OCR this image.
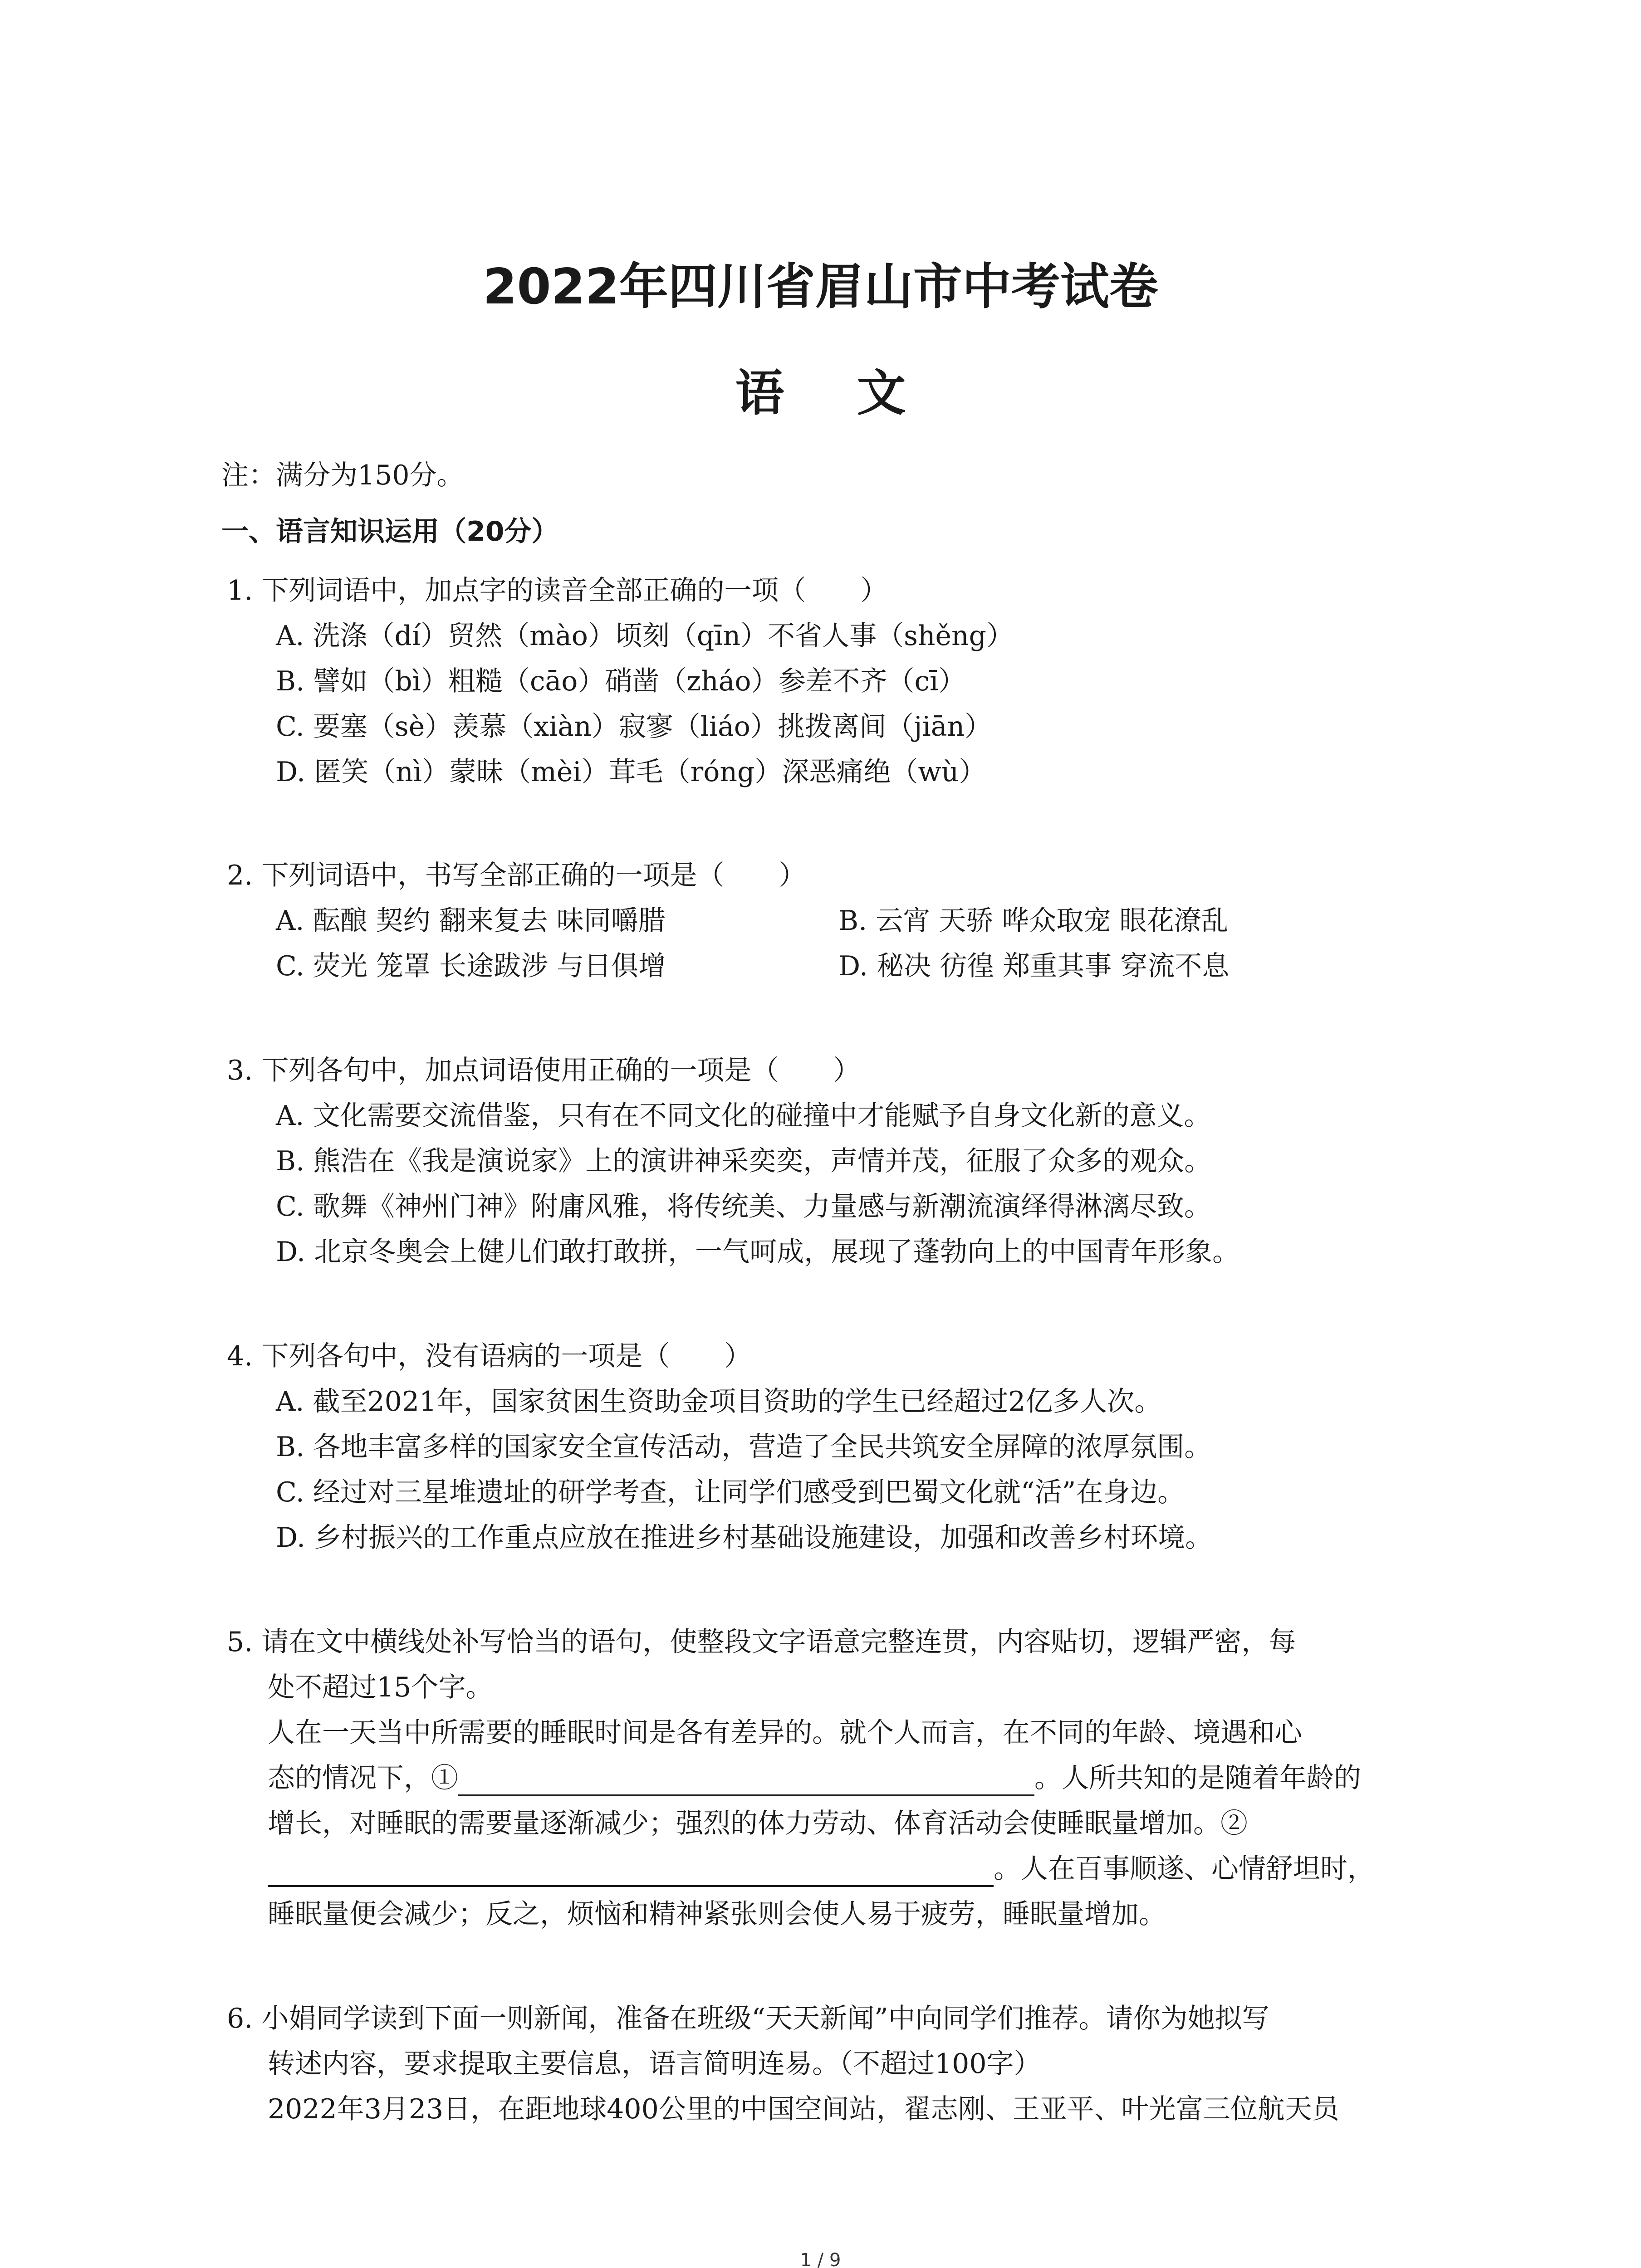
2022年四川省眉山市中考试卷
语文
注：满分为150分。
一、语言知识运用（20分）
1. 下列词语中，加点字的读音全部正确的一项（　　）
A. 洗涤（dí）贸然（mào）顷刻（qīn）不省人事（shěng）
B. 譬如（bì）粗糙（cāo）硝凿（zháo）参差不齐（cī）
C. 要塞（sè）羡慕（xiàn）寂寥（liáo）挑拨离间（jiān）
D. 匿笑（nì）蒙昧（mèi）茸毛（róng）深恶痛绝（wù）
2. 下列词语中，书写全部正确的一项是（　　）
A. 酝酿 契约 翻来复去 味同嚼腊	B. 云宵 天骄 哗众取宠 眼花潦乱
C. 荧光 笼罩 长途跋涉 与日俱增	D. 秘决 彷徨 郑重其事 穿流不息
3. 下列各句中，加点词语使用正确的一项是（　　）
A. 文化需要交流借鉴，只有在不同文化的碰撞中才能赋予自身文化新的意义。
B. 熊浩在《我是演说家》上的演讲神采奕奕，声情并茂，征服了众多的观众。
C. 歌舞《神州门神》附庸风雅，将传统美、力量感与新潮流演绎得淋漓尽致。
D. 北京冬奥会上健儿们敢打敢拼，一气呵成，展现了蓬勃向上的中国青年形象。
4. 下列各句中，没有语病的一项是（　　）
A. 截至2021年，国家贫困生资助金项目资助的学生已经超过2亿多人次。
B. 各地丰富多样的国家安全宣传活动，营造了全民共筑安全屏障的浓厚氛围。
C. 经过对三星堆遗址的研学考查，让同学们感受到巴蜀文化就“活”在身边。
D. 乡村振兴的工作重点应放在推进乡村基础设施建设，加强和改善乡村环境。
5. 请在文中横线处补写恰当的语句，使整段文字语意完整连贯，内容贴切，逻辑严密，每
处不超过15个字。
人在一天当中所需要的睡眠时间是各有差异的。就个人而言，在不同的年龄、境遇和心
态的情况下，①	。人所共知的是随着年龄的
增长，对睡眠的需要量逐渐减少；强烈的体力劳动、体育活动会使睡眠量增加。②
。人在百事顺遂、心情舒坦时，
睡眠量便会减少；反之，烦恼和精神紧张则会使人易于疲劳，睡眠量增加。
6. 小娟同学读到下面一则新闻，准备在班级“天天新闻”中向同学们推荐。请你为她拟写
转述内容，要求提取主要信息，语言简明连易。（不超过100字）
2022年3月23日，在距地球400公里的中国空间站，翟志刚、王亚平、叶光富三位航天员
1 / 9
